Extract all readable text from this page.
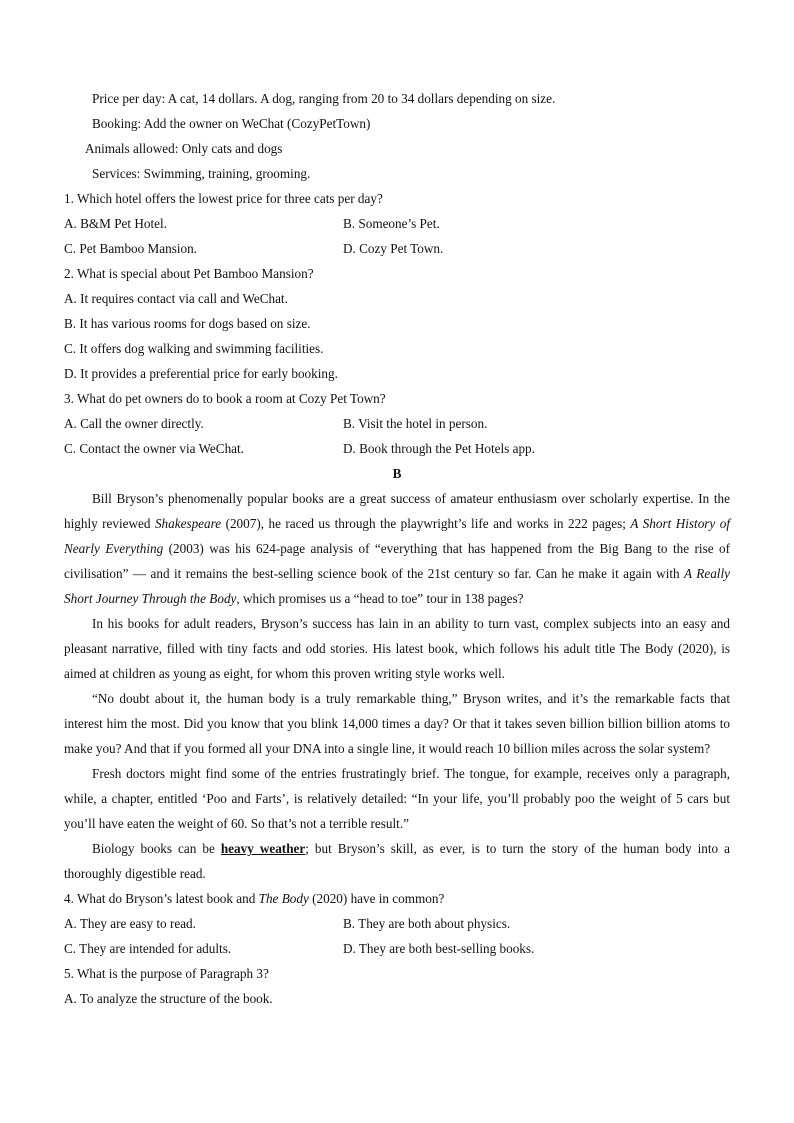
Price per day: A cat, 14 dollars. A dog, ranging from 20 to 34 dollars depending on size.
Booking: Add the owner on WeChat (CozyPetTown)
Animals allowed: Only cats and dogs
Services: Swimming, training, grooming.
1. Which hotel offers the lowest price for three cats per day?
A. B&M Pet Hotel.	B. Someone’s Pet.
C. Pet Bamboo Mansion.	D. Cozy Pet Town.
2. What is special about Pet Bamboo Mansion?
A. It requires contact via call and WeChat.
B. It has various rooms for dogs based on size.
C. It offers dog walking and swimming facilities.
D. It provides a preferential price for early booking.
3. What do pet owners do to book a room at Cozy Pet Town?
A. Call the owner directly.	B. Visit the hotel in person.
C. Contact the owner via WeChat.	D. Book through the Pet Hotels app.
B

Bill Bryson’s phenomenally popular books are a great success of amateur enthusiasm over scholarly expertise. In the highly reviewed Shakespeare (2007), he raced us through the playwright’s life and works in 222 pages; A Short History of Nearly Everything (2003) was his 624-page analysis of “everything that has happened from the Big Bang to the rise of civilisation” — and it remains the best-selling science book of the 21st century so far. Can he make it again with A Really Short Journey Through the Body, which promises us a “head to toe” tour in 138 pages?

In his books for adult readers, Bryson’s success has lain in an ability to turn vast, complex subjects into an easy and pleasant narrative, filled with tiny facts and odd stories. His latest book, which follows his adult title The Body (2020), is aimed at children as young as eight, for whom this proven writing style works well.

“No doubt about it, the human body is a truly remarkable thing,” Bryson writes, and it’s the remarkable facts that interest him the most. Did you know that you blink 14,000 times a day? Or that it takes seven billion billion billion atoms to make you? And that if you formed all your DNA into a single line, it would reach 10 billion miles across the solar system?

Fresh doctors might find some of the entries frustratingly brief. The tongue, for example, receives only a paragraph, while, a chapter, entitled ‘Poo and Farts’, is relatively detailed: “In your life, you’ll probably poo the weight of 5 cars but you’ll have eaten the weight of 60. So that’s not a terrible result.”

Biology books can be heavy weather; but Bryson’s skill, as ever, is to turn the story of the human body into a thoroughly digestible read.

4. What do Bryson’s latest book and The Body (2020) have in common?
A. They are easy to read.	B. They are both about physics.
C. They are intended for adults.	D. They are both best-selling books.
5. What is the purpose of Paragraph 3?
A. To analyze the structure of the book.
